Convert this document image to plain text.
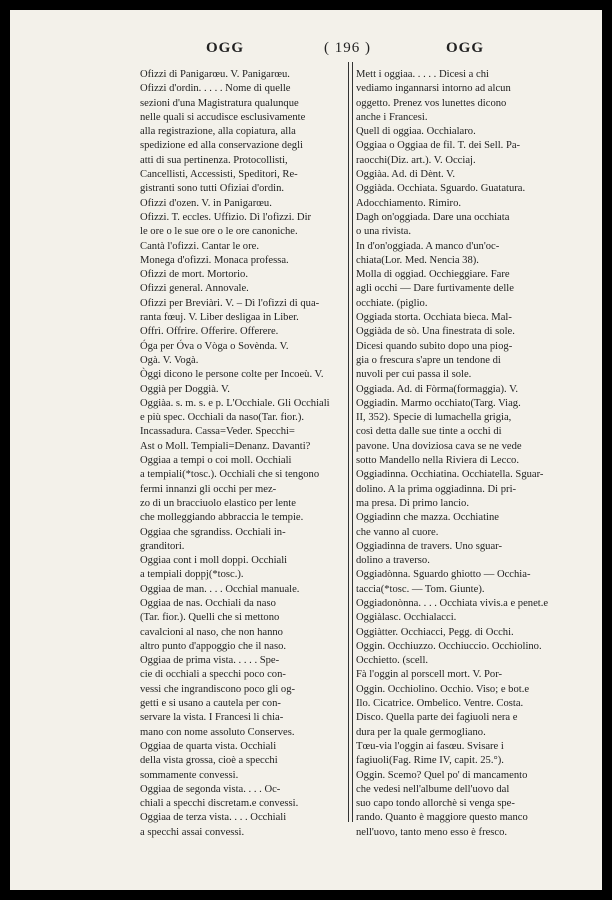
OGG	( 196 )	OGG
Ofizzi di Panigarœu. V. Panigarœu.
Ofizzi d'ordin. . . . . Nome di quelle
sezioni d'una Magistratura qualunque
nelle quali si accudisce esclusivamente
alla registrazione, alla copiatura, alla
spedizione ed alla conservazione degli
atti di sua pertinenza. Protocollisti,
Cancellisti, Accessisti, Speditori, Re-
gistranti sono tutti Ofiziai d'ordin.
Ofizzi d'ozen. V. in Panigarœu.
Ofizzi. T. eccles. Uffizio. Dì l'ofizzi. Dir
le ore o le sue ore o le ore canoniche.
Cantà l'ofizzi. Cantar le ore.
Monega d'ofizzi. Monaca professa.
Ofizzi de mort. Mortorio.
Ofizzi general. Annovale.
Ofizzi per Breviàri. V. – Dì l'ofizzi di qua-
ranta fœuj. V. Liber desligaa in Liber.
Offrì. Offrire. Offerire. Offerere.
Óga per Óva o Vòga o Sovènda. V.
Ogà. V. Vogà.
Òggi dicono le persone colte per Incoeù. V.
Oggià per Doggià. V.
Oggiàa. s. m. s. e p. L'Occhiale. Gli Occhiali
e più spec. Occhiali da naso(Tar. fior.).
Incassadura. Cassa=Veder. Specchi=
Ast o Moll. Tempiali=Denanz. Davanti?
Oggiaa a tempi o coi moll. Occhiali
a tempiali(*tosc.). Occhiali che si tengono
fermi innanzi gli occhi per mez-
zo di un bracciuolo elastico per lente
che molleggiando abbraccia le tempie.
Oggiaa che sgrandiss. Occhiali in-
granditori.
Oggiaa cont i moll doppi. Occhiali
a tempiali doppj(*tosc.).
Oggiaa de man. . . . Occhial manuale.
Oggiaa de nas. Occhiali da naso
(Tar. fior.). Quelli che si mettono
cavalcioni al naso, che non hanno
altro punto d'appoggio che il naso.
Oggiaa de prima vista. . . . . Spe-
cie di occhiali a specchi poco con-
vessi che ingrandiscono poco gli og-
getti e si usano a cautela per con-
servare la vista. I Francesi li chia-
mano con nome assoluto Conserves.
Oggiaa de quarta vista. Occhiali
della vista grossa, cioè a specchi
sommamente convessi.
Oggiaa de segonda vista. . . . Oc-
chiali a specchi discretam.e convessi.
Oggiaa de terza vista. . . . Occhiali
a specchi assai convessi.
Mett i oggiaa. . . . . Dicesi a chi
vediamo ingannarsi intorno ad alcun
oggetto. Prenez vos lunettes dicono
anche i Francesi.
Quell di oggiaa. Occhialaro.
Oggiaa o Oggiaa de fil. T. dei Sell. Pa-
raocchi(Diz. art.). V. Occiaj.
Oggiàa. Ad. di Dènt. V.
Oggiàda. Occhiata. Sguardo. Guatatura.
Adocchiamento. Rimiro.
Dagh on'oggiada. Dare una occhiata
o una rivista.
In d'on'oggiada. A manco d'un'oc-
chiata(Lor. Med. Nencia 38).
Molla di oggiad. Occhieggiare. Fare
agli occhi — Dare furtivamente delle
occhiate. (piglio.
Oggiada storta. Occhiata bieca. Mal-
Oggiàda de sò. Una finestrata di sole.
Dicesi quando subito dopo una piog-
gia o frescura s'apre un tendone di
nuvoli per cui passa il sole.
Oggiada. Ad. di Fòrma(formaggia). V.
Oggiadin. Marmo occhiato(Targ. Viag.
II, 352). Specie di lumachella grigia,
così detta dalle sue tinte a occhi di
pavone. Una doviziosa cava se ne vede
sotto Mandello nella Riviera di Lecco.
Oggiadinna. Occhiatina. Occhiatella. Sguar-
dolino. A la prima oggiadinna. Di pri-
ma presa. Di primo lancio.
Oggiadinn che mazza. Occhiatine
che vanno al cuore.
Oggiadinna de travers. Uno sguar-
dolino a traverso.
Oggiadònna. Sguardo ghiotto — Occhia-
taccia(*tosc. — Tom. Giunte).
Oggiadonònna. . . . Occhiata vivis.a e penet.e
Oggiàlasc. Occhialacci.
Oggiàtter. Occhiacci, Pegg. di Occhi.
Oggin. Occhiuzzo. Occhiuccio. Occhiolino.
Occhietto. (scell.
Fà l'oggin al porscell mort. V. Por-
Oggin. Occhiolino. Occhio. Viso; e bot.e
Ilo. Cicatrice. Ombelico. Ventre. Costa.
Disco. Quella parte dei fagiuoli nera e
dura per la quale germogliano.
Tœu-via l'oggin ai fasœu. Svisare i
fagiuoli(Fag. Rime IV, capit. 25.°).
Oggin. Scemo? Quel po' di mancamento
che vedesi nell'albume dell'uovo dal
suo capo tondo allorchè si venga spe-
rando. Quanto è maggiore questo manco
nell'uovo, tanto meno esso è fresco.
